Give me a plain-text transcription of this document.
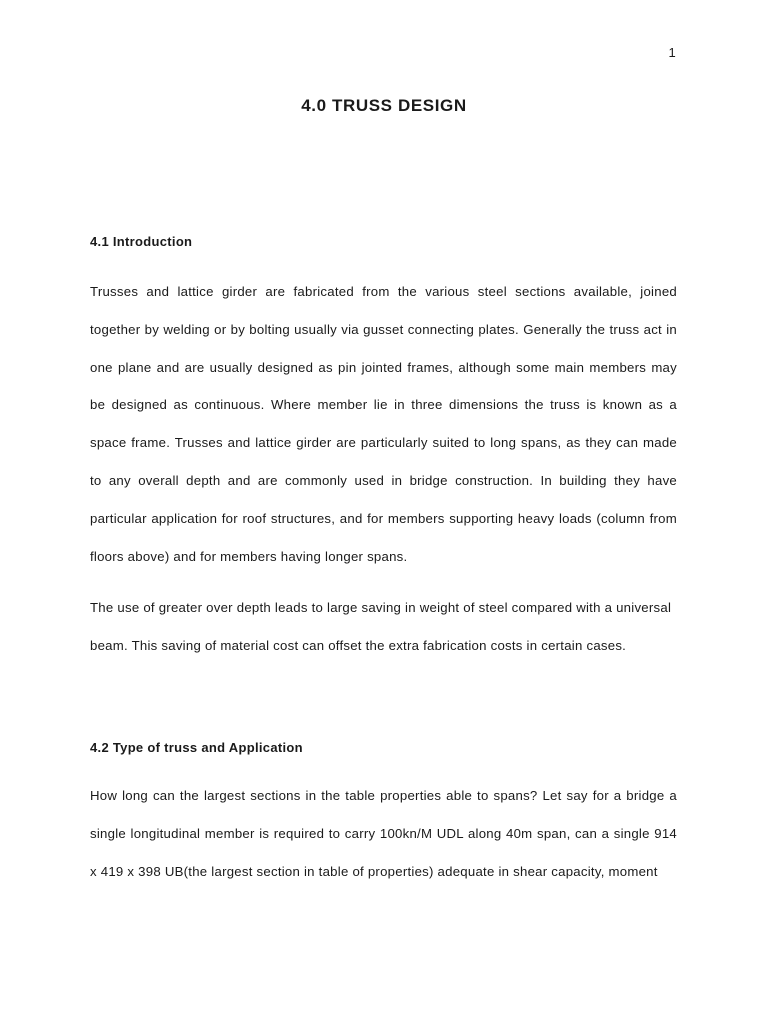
1
4.0 TRUSS DESIGN
4.1 Introduction

Trusses and lattice girder are fabricated from the various steel sections available, joined together by welding or by bolting usually via gusset connecting plates. Generally the truss act in one plane and are usually designed as pin jointed frames, although some main members may be designed as continuous. Where member lie in three dimensions the truss is known as a space frame. Trusses and lattice girder are particularly suited to long spans, as they can made to any overall depth and are commonly used in bridge construction. In building they have particular application for roof structures, and for members supporting heavy loads (column from floors above) and for members having longer spans.

The use of greater over depth leads to large saving in weight of steel compared with a universal beam. This saving of material cost can offset the extra fabrication costs in certain cases.

4.2 Type of truss and Application

How long can the largest sections in the table properties able to spans? Let say for a bridge a single longitudinal member is required to carry 100kn/M UDL along 40m span, can a single 914 x 419 x 398 UB(the largest section in table of properties) adequate in shear capacity, moment
